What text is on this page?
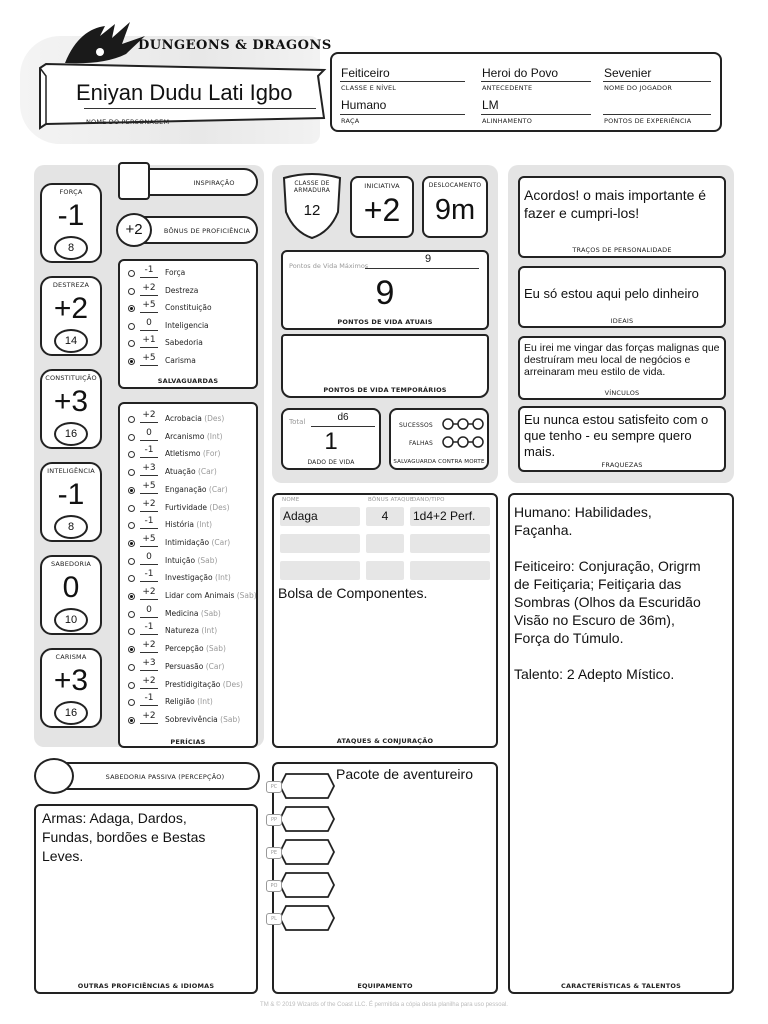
DUNGEONS & DRAGONS
Eniyan Dudu Lati Igbo
NOME DO PERSONAGEM
Feiticeiro
CLASSE E NÍVEL
Heroi do Povo
ANTECEDENTE
Sevenier
NOME DO JOGADOR
Humano
RAÇA
LM
ALINHAMENTO	PONTOS DE EXPERIÊNCIA
FORÇA
-1
8
DESTREZA
+2
14
CONSTITUIÇÃO
+3
16
INTELIGÊNCIA
-1
8
SABEDORIA
0
10
CARISMA
+3
16
INSPIRAÇÃO
BÔNUS DE PROFICIÊNCIA
+2
SALVAGUARDAS
-1	Força
+2	Destreza
+5	Constituição
0	Inteligencia
+1	Sabedoria
+5	Carisma
PERÍCIAS
+2	Acrobacia (Des)
0	Arcanismo (Int)
-1	Atletismo (For)
+3	Atuação (Car)
+5	Enganação (Car)
+2	Furtividade (Des)
-1	História (Int)
+5	Intimidação (Car)
0	Intuição (Sab)
-1	Investigação (Int)
+2	Lidar com Animais (Sab)
0	Medicina (Sab)
-1	Natureza (Int)
+2	Percepção (Sab)
+3	Persuasão (Car)
+2	Prestidigitação (Des)
-1	Religião (Int)
+2	Sobrevivência (Sab)
SABEDORIA PASSIVA (PERCEPÇÃO)
Armas: Adaga, Dardos,
Fundas, bordões e Bestas
Leves.
OUTRAS PROFICIÊNCIAS & IDIOMAS
CLASSE DE ARMADURA
12
INICIATIVA
+2
DESLOCAMENTO
9m
Pontos de Vida Máximos
9
9
PONTOS DE VIDA ATUAIS
PONTOS DE VIDA TEMPORÁRIOS
Total	d6
1
DADO DE VIDA
SUCESSOS
FALHAS
SALVAGUARDA CONTRA MORTE
NOME	BÔNUS ATAQUE
DANO/TIPO
Adaga	4	1d4+2 Perf.
Bolsa de Componentes.
ATAQUES & CONJURAÇÃO
Pacote de aventureiro
EQUIPAMENTO
PC
PP
PE
PO
PL
Acordos! o mais importante é fazer e cumpri-los!
TRAÇOS DE PERSONALIDADE
Eu só estou aqui pelo dinheiro
IDEAIS
Eu irei me vingar das forças malignas que destruíram meu local de negócios e arreinaram meu estilo de vida.
VÍNCULOS
Eu nunca estou satisfeito com o que tenho - eu sempre quero mais.
FRAQUEZAS
Humano: Habilidades,
Façanha.
Feiticeiro: Conjuração, Origrm
de Feitiçaria; Feitiçaria das
Sombras (Olhos da Escuridão
Visão no Escuro de 36m),
Força do Túmulo.
Talento: 2 Adepto Místico.
CARACTERÍSTICAS & TALENTOS
TM & © 2019 Wizards of the Coast LLC. É permitida a cópia desta planilha para uso pessoal.
